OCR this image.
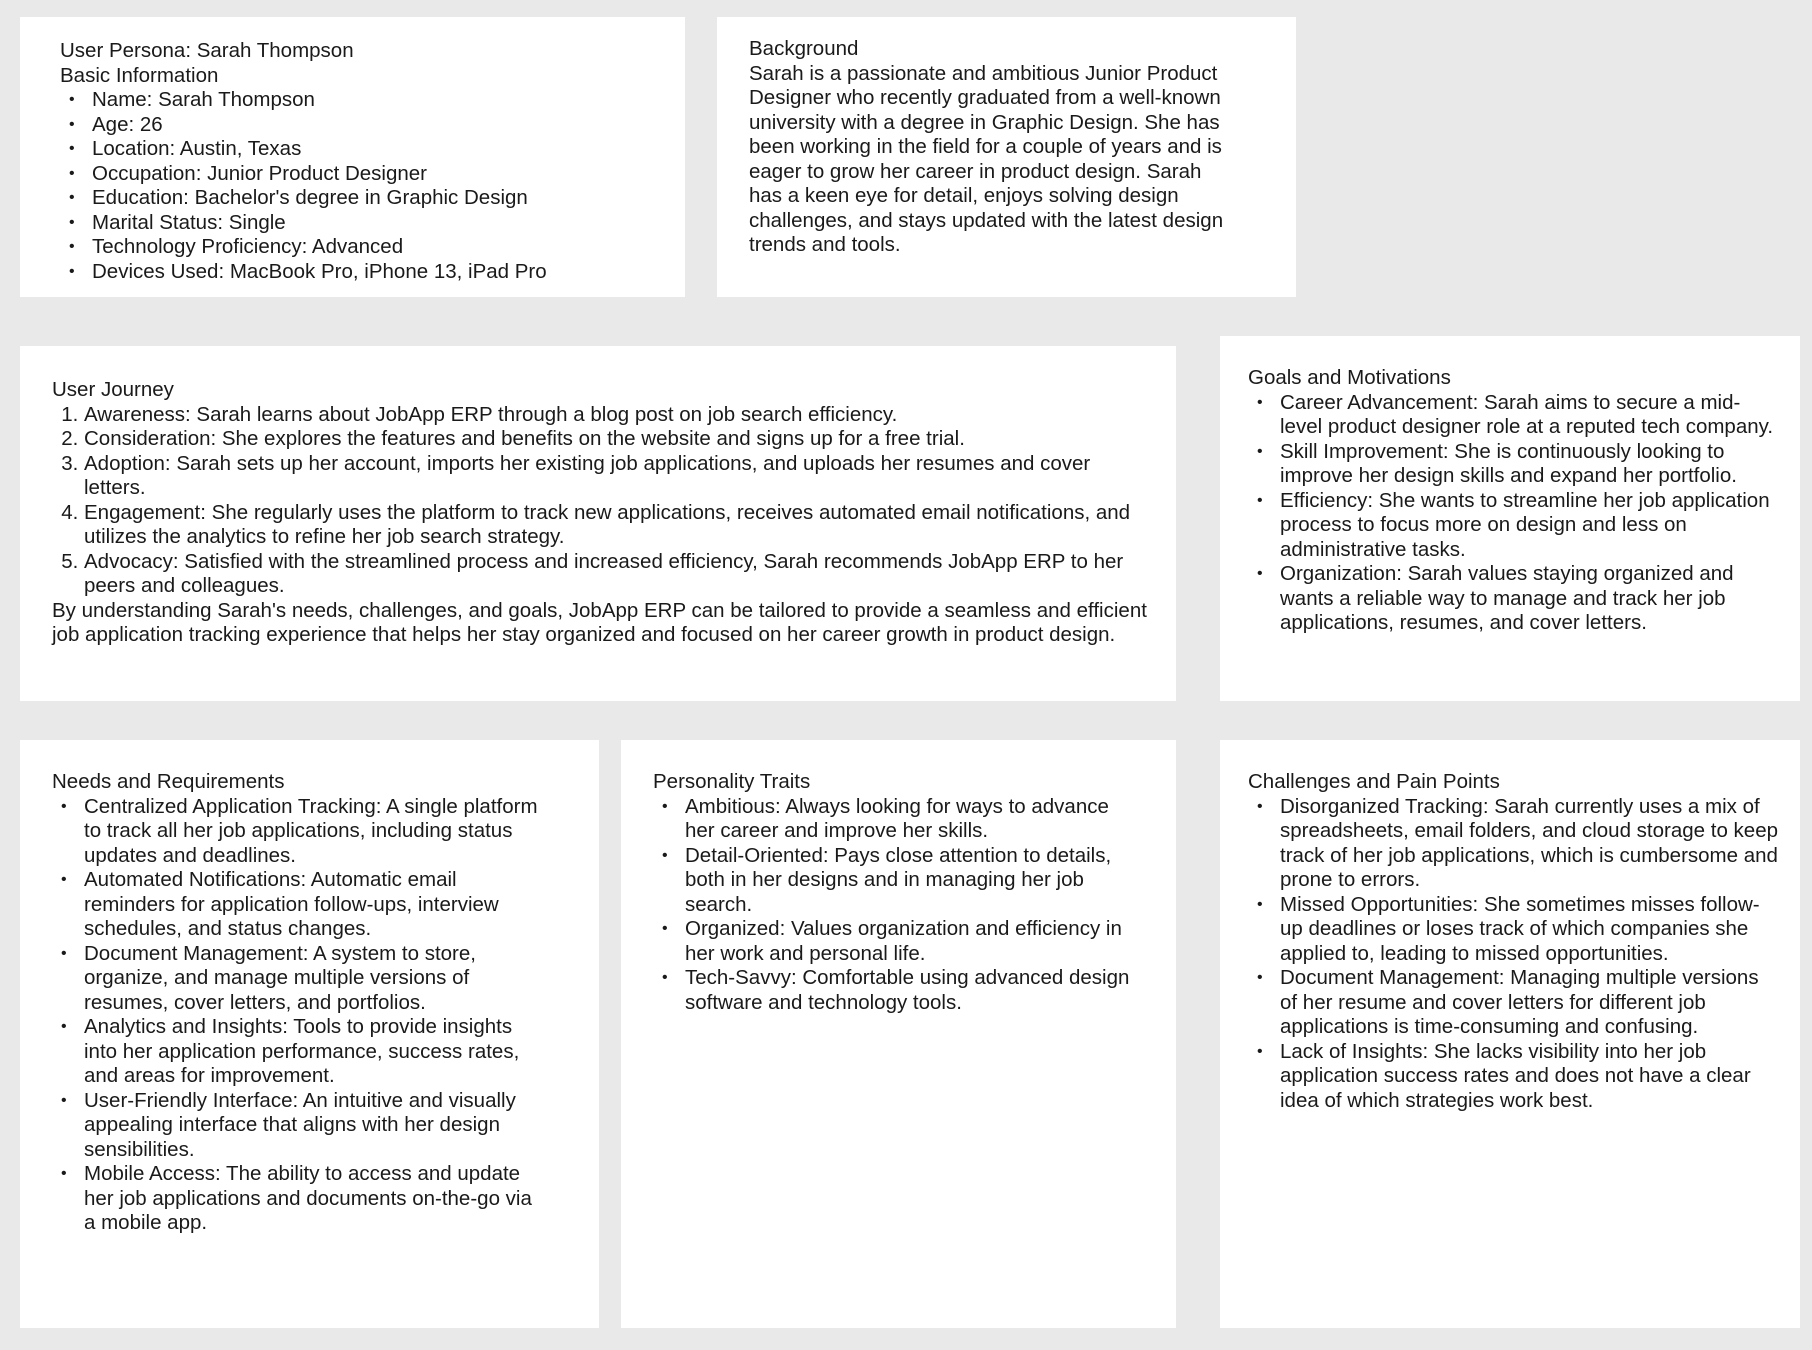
User Persona: Sarah Thompson

Basic Information

• Name: Sarah Thompson
• Age: 26
• Location: Austin, Texas
• Occupation: Junior Product Designer
• Education: Bachelor's degree in Graphic Design
• Marital Status: Single
• Technology Proficiency: Advanced
• Devices Used: MacBook Pro, iPhone 13, iPad Pro

Background

Sarah is a passionate and ambitious Junior Product Designer who recently graduated from a well-known university with a degree in Graphic Design. She has been working in the field for a couple of years and is eager to grow her career in product design. Sarah has a keen eye for detail, enjoys solving design challenges, and stays updated with the latest design trends and tools.

User Journey

1. Awareness: Sarah learns about JobApp ERP through a blog post on job search efficiency.
2. Consideration: She explores the features and benefits on the website and signs up for a free trial.
3. Adoption: Sarah sets up her account, imports her existing job applications, and uploads her resumes and cover letters.
4. Engagement: She regularly uses the platform to track new applications, receives automated email notifications, and utilizes the analytics to refine her job search strategy.
5. Advocacy: Satisfied with the streamlined process and increased efficiency, Sarah recommends JobApp ERP to her peers and colleagues.

By understanding Sarah's needs, challenges, and goals, JobApp ERP can be tailored to provide a seamless and efficient job application tracking experience that helps her stay organized and focused on her career growth in product design.

Goals and Motivations

• Career Advancement: Sarah aims to secure a mid-level product designer role at a reputed tech company.
• Skill Improvement: She is continuously looking to improve her design skills and expand her portfolio.
• Efficiency: She wants to streamline her job application process to focus more on design and less on administrative tasks.
• Organization: Sarah values staying organized and wants a reliable way to manage and track her job applications, resumes, and cover letters.

Needs and Requirements

• Centralized Application Tracking: A single platform to track all her job applications, including status updates and deadlines.
• Automated Notifications: Automatic email reminders for application follow-ups, interview schedules, and status changes.
• Document Management: A system to store, organize, and manage multiple versions of resumes, cover letters, and portfolios.
• Analytics and Insights: Tools to provide insights into her application performance, success rates, and areas for improvement.
• User-Friendly Interface: An intuitive and visually appealing interface that aligns with her design sensibilities.
• Mobile Access: The ability to access and update her job applications and documents on-the-go via a mobile app.

Personality Traits

• Ambitious: Always looking for ways to advance her career and improve her skills.
• Detail-Oriented: Pays close attention to details, both in her designs and in managing her job search.
• Organized: Values organization and efficiency in her work and personal life.
• Tech-Savvy: Comfortable using advanced design software and technology tools.

Challenges and Pain Points

• Disorganized Tracking: Sarah currently uses a mix of spreadsheets, email folders, and cloud storage to keep track of her job applications, which is cumbersome and prone to errors.
• Missed Opportunities: She sometimes misses follow-up deadlines or loses track of which companies she applied to, leading to missed opportunities.
• Document Management: Managing multiple versions of her resume and cover letters for different job applications is time-consuming and confusing.
• Lack of Insights: She lacks visibility into her job application success rates and does not have a clear idea of which strategies work best.
